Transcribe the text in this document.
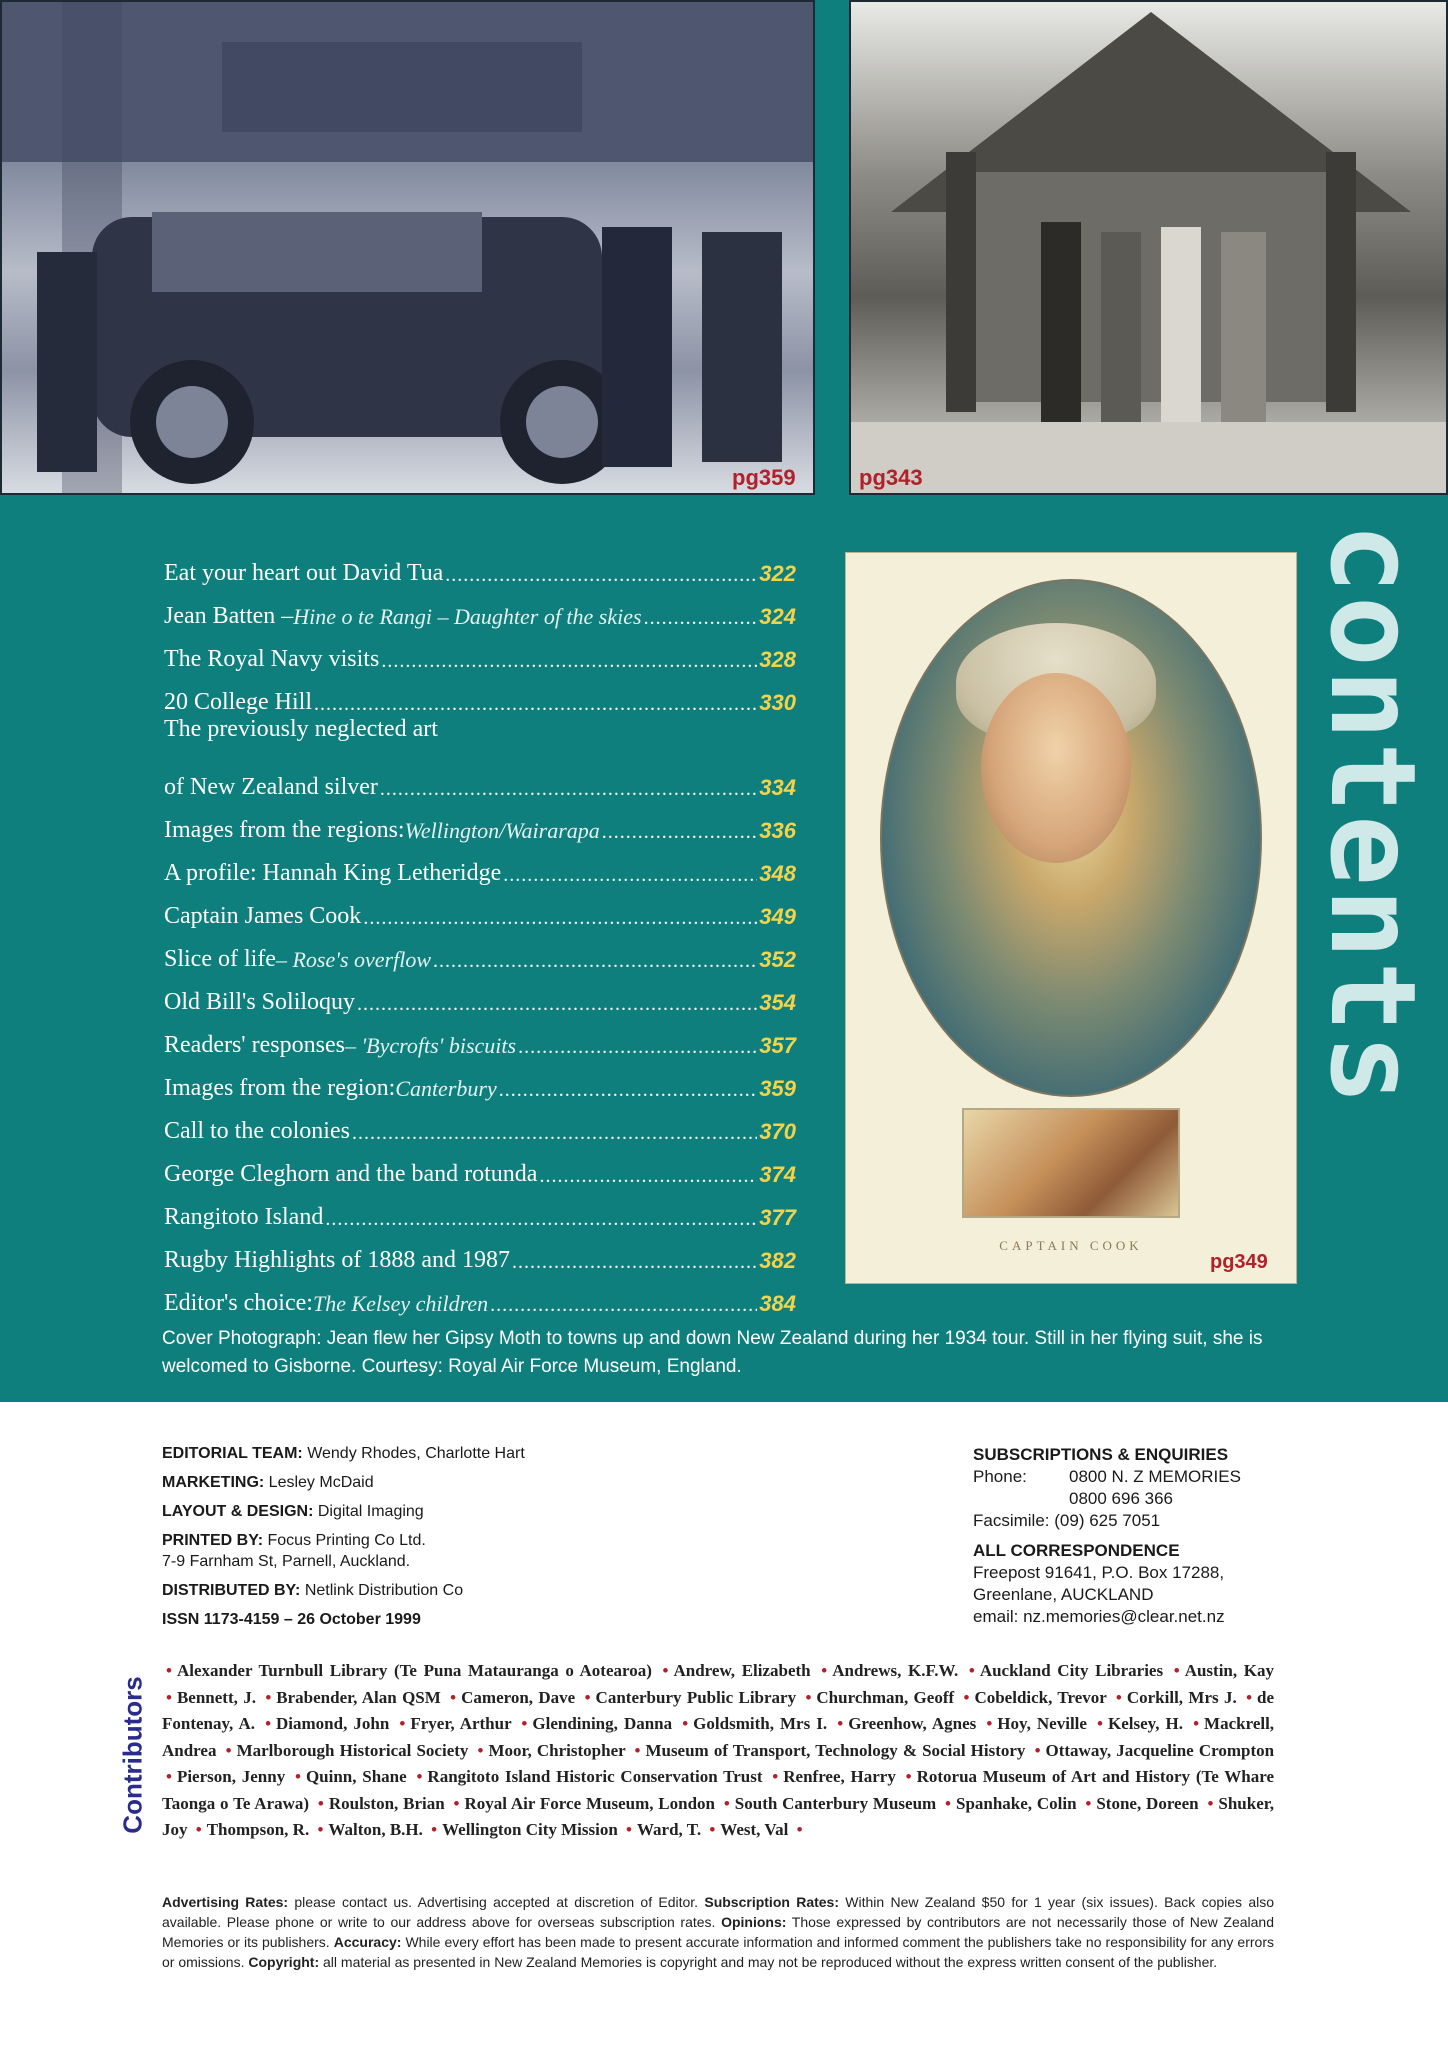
pg359	pg343
Eat your heart out David Tua .....	322
Jean Batten – Hine o te Rangi – Daughter of the skies .....	324
The Royal Navy visits .....	328
20 College Hill .....	330
The previously neglected art
of New Zealand silver .....	334
Images from the regions: Wellington/Wairarapa .....	336
A profile: Hannah King Letheridge .....	348
Captain James Cook .....	349
Slice of life – Rose's overflow .....	352
Old Bill's Soliloquy .....	354
Readers' responses – 'Bycrofts' biscuits .....	357
Images from the region: Canterbury .....	359
Call to the colonies .....	370
George Cleghorn and the band rotunda .....	374
Rangitoto Island .....	377
Rugby Highlights of 1888 and 1987 .....	382
Editor's choice: The Kelsey children .....	384
CAPTAIN COOK
pg349
contents
Cover Photograph: Jean flew her Gipsy Moth to towns up and down New Zealand during her 1934 tour. Still in her flying suit, she is welcomed to Gisborne. Courtesy: Royal Air Force Museum, England.
EDITORIAL TEAM: Wendy Rhodes, Charlotte Hart
MARKETING: Lesley McDaid
LAYOUT & DESIGN: Digital Imaging
PRINTED BY: Focus Printing Co Ltd.
7-9 Farnham St, Parnell, Auckland.
DISTRIBUTED BY: Netlink Distribution Co
ISSN 1173-4159 – 26 October 1999
SUBSCRIPTIONS & ENQUIRIES
Phone:	0800 N. Z MEMORIES
0800 696 366
Facsimile: (09) 625 7051
ALL CORRESPONDENCE
Freepost 91641, P.O. Box 17288,
Greenlane, AUCKLAND
email: nz.memories@clear.net.nz
Contributors
• Alexander Turnbull Library (Te Puna Matauranga o Aotearoa) • Andrew, Elizabeth • Andrews, K.F.W. • Auckland City Libraries • Austin, Kay • Bennett, J. • Brabender, Alan QSM • Cameron, Dave • Canterbury Public Library • Churchman, Geoff • Cobeldick, Trevor • Corkill, Mrs J. • de Fontenay, A. • Diamond, John • Fryer, Arthur • Glendining, Danna • Goldsmith, Mrs I. • Greenhow, Agnes • Hoy, Neville • Kelsey, H. • Mackrell, Andrea • Marlborough Historical Society • Moor, Christopher • Museum of Transport, Technology & Social History • Ottaway, Jacqueline Crompton • Pierson, Jenny • Quinn, Shane • Rangitoto Island Historic Conservation Trust • Renfree, Harry • Rotorua Museum of Art and History (Te Whare Taonga o Te Arawa) • Roulston, Brian • Royal Air Force Museum, London • South Canterbury Museum • Spanhake, Colin • Stone, Doreen • Shuker, Joy • Thompson, R. • Walton, B.H. • Wellington City Mission • Ward, T. • West, Val •
Advertising Rates: please contact us. Advertising accepted at discretion of Editor. Subscription Rates: Within New Zealand $50 for 1 year (six issues). Back copies also available. Please phone or write to our address above for overseas subscription rates. Opinions: Those expressed by contributors are not necessarily those of New Zealand Memories or its publishers. Accuracy: While every effort has been made to present accurate information and informed comment the publishers take no responsibility for any errors or omissions. Copyright: all material as presented in New Zealand Memories is copyright and may not be reproduced without the express written consent of the publisher.
